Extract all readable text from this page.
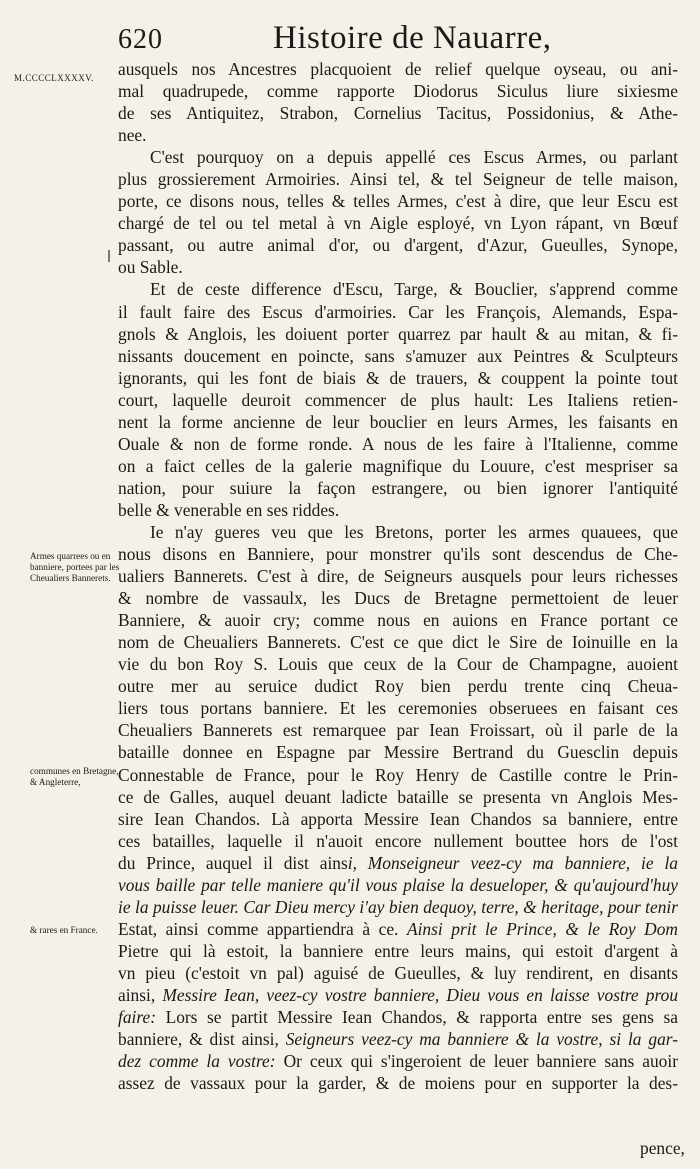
620	Histoire de Nauarre,
M.CCCCLXXXXV. ausquels nos Ancestres placquoient de relief quelque oyseau, ou ani-
mal quadrupede, comme rapporte Diodorus Siculus liure sixiesme
de ses Antiquitez, Strabon, Cornelius Tacitus, Possidonius, & Athe-
nee.
C'est pourquoy on a depuis appellé ces Escus Armes, ou parlant
plus grossierement Armoiries. Ainsi tel, & tel Seigneur de telle maison,
porte, ce disons nous, telles & telles Armes, c'est à dire, que leur Escu est
chargé de tel ou tel metal à vn Aigle esployé, vn Lyon rápant, vn Bœuf
passant, ou autre animal d'or, ou d'argent, d'Azur, Gueulles, Synope,
ou Sable.
Et de ceste difference d'Escu, Targe, & Bouclier, s'apprend comme
il fault faire des Escus d'armoiries. Car les François, Alemands, Espa-
gnols & Anglois, les doiuent porter quarrez par hault & au mitan, & fi-
nissants doucement en poincte, sans s'amuzer aux Peintres & Sculpteurs
ignorants, qui les font de biais & de trauers, & couppent la pointe tout
court, laquelle deuroit commencer de plus hault: Les Italiens retien-
nent la forme ancienne de leur bouclier en leurs Armes, les faisants en
Ouale & non de forme ronde. A nous de les faire à l'Italienne, comme
on a faict celles de la galerie magnifique du Louure, c'est mespriser sa
nation, pour suiure la façon estrangere, ou bien ignorer l'antiquité
belle & venerable en ses riddes.
Ie n'ay gueres veu que les Bretons, porter les armes quauees, que
nous disons en Banniere, pour monstrer qu'ils sont descendus de Che-
ualiers Bannerets. C'est à dire, de Seigneurs ausquels pour leurs richesses
& nombre de vassaulx, les Ducs de Bretagne permettoient de leuer
Banniere, & auoir cry; comme nous en auions en France portant ce
nom de Cheualiers Bannerets. C'est ce que dict le Sire de Ioinuille en la
vie du bon Roy S. Louis que ceux de la Cour de Champagne, auoient
outre mer au seruice dudict Roy bien perdu trente cinq Cheua-
liers tous portans banniere. Et les ceremonies obseruees en faisant ces
Cheualiers Bannerets est remarquee par Iean Froissart, où il parle de la
bataille donnee en Espagne par Messire Bertrand du Guesclin depuis
Connestable de France, pour le Roy Henry de Castille contre le Prin-
ce de Galles, auquel deuant ladicte bataille se presenta vn Anglois Mes-
sire Iean Chandos. Là apporta Messire Iean Chandos sa banniere, entre
ces batailles, laquelle il n'auoit encore nullement bouttee hors de l'ost
du Prince, auquel il dist ainsi, Monseigneur veez-cy ma banniere, ie la
vous baille par telle maniere qu'il vous plaise la desueloper, & qu'aujourd'huy
ie la puisse leuer. Car Dieu mercy i'ay bien dequoy, terre, & heritage, pour tenir
Estat, ainsi comme appartiendra à ce. Ainsi prit le Prince, & le Roy Dom
Pietre qui là estoit, la banniere entre leurs mains, qui estoit d'argent à
vn pieu (c'estoit vn pal) aguisé de Gueulles, & luy rendirent, en disants
ainsi, Messire Iean, veez-cy vostre banniere, Dieu vous en laisse vostre prou
faire: Lors se partit Messire Iean Chandos, & rapporta entre ses gens sa
banniere, & dist ainsi, Seigneurs veez-cy ma banniere & la vostre, si la gar-
dez comme la vostre: Or ceux qui s'ingeroient de leuer banniere sans auoir
assez de vassaux pour la garder, & de moiens pour en supporter la des-
Armes quarrees ou en banniere, portees par les Cheualiers Bannerets.
communes en Bretagne, & Angleterre,
& rares en France.
pence,
